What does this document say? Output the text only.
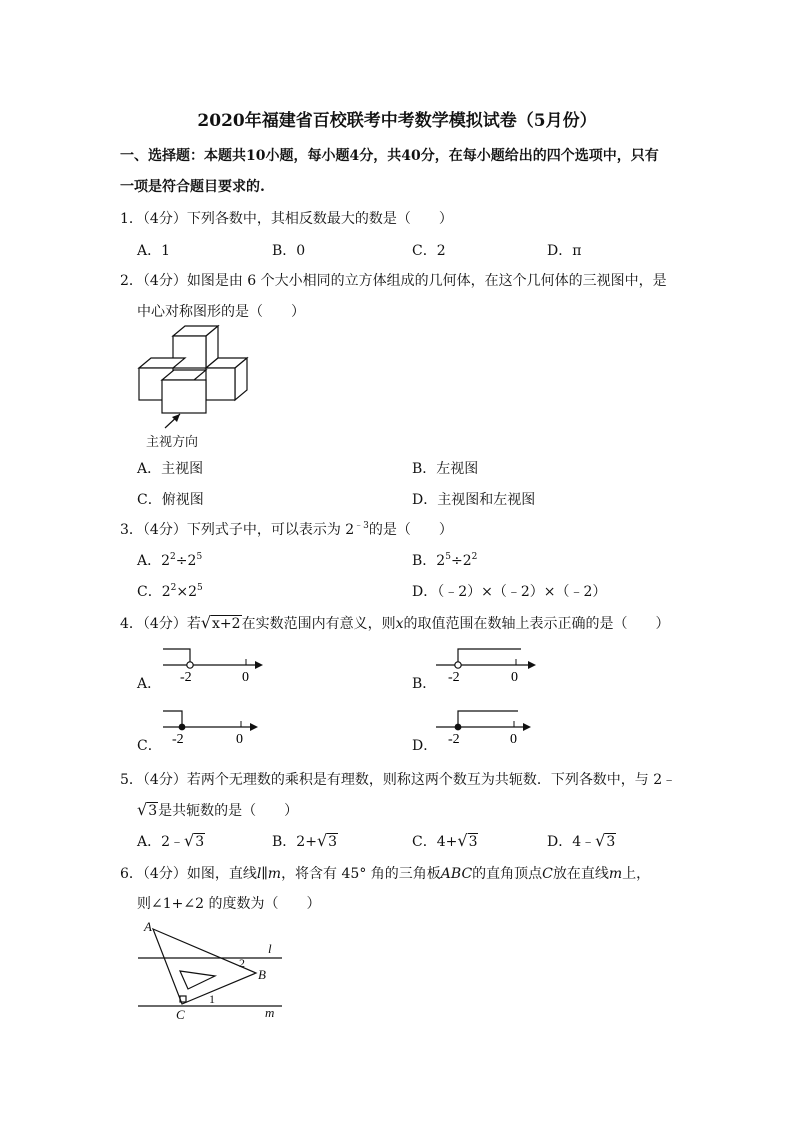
2020年福建省百校联考中考数学模拟试卷（5月份）
一、选择题：本题共10小题，每小题4分，共40分，在每小题给出的四个选项中，只有
一项是符合题目要求的.
1．（4分）下列各数中，其相反数最大的数是（　　）
A．1	B．0	C．2	D．π
2．（4分）如图是由 6 个大小相同的立方体组成的几何体，在这个几何体的三视图中，是
中心对称图形的是（　　）
主视方向
A．主视图	B．左视图
C．俯视图	D．主视图和左视图
3．（4分）下列式子中，可以表示为 $2^{﹣3}$的是（　　）
A．$2^2\div 2^5$	B．$2^5\div 2^2$
C．$2^2\times 2^5$	D．（﹣2）×（﹣2）×（﹣2）
4．（4分）若√x+2在实数范围内有意义，则x的取值范围在数轴上表示正确的是（　　）
A． -2	0	B． -2	0
C． -2	0	D． -2	0
5．（4分）若两个无理数的乘积是有理数，则称这两个数互为共轭数．下列各数中，与 2﹣
√3是共轭数的是（　　）
A．2﹣√3	B．2+√3	C．4+√3	D．4﹣√3
6．（4分）如图，直线l∥m，将含有 45° 角的三角板ABC的直角顶点C放在直线m上，
则∠1+∠2 的度数为（　　）
A
B
C
l
m
2
1
